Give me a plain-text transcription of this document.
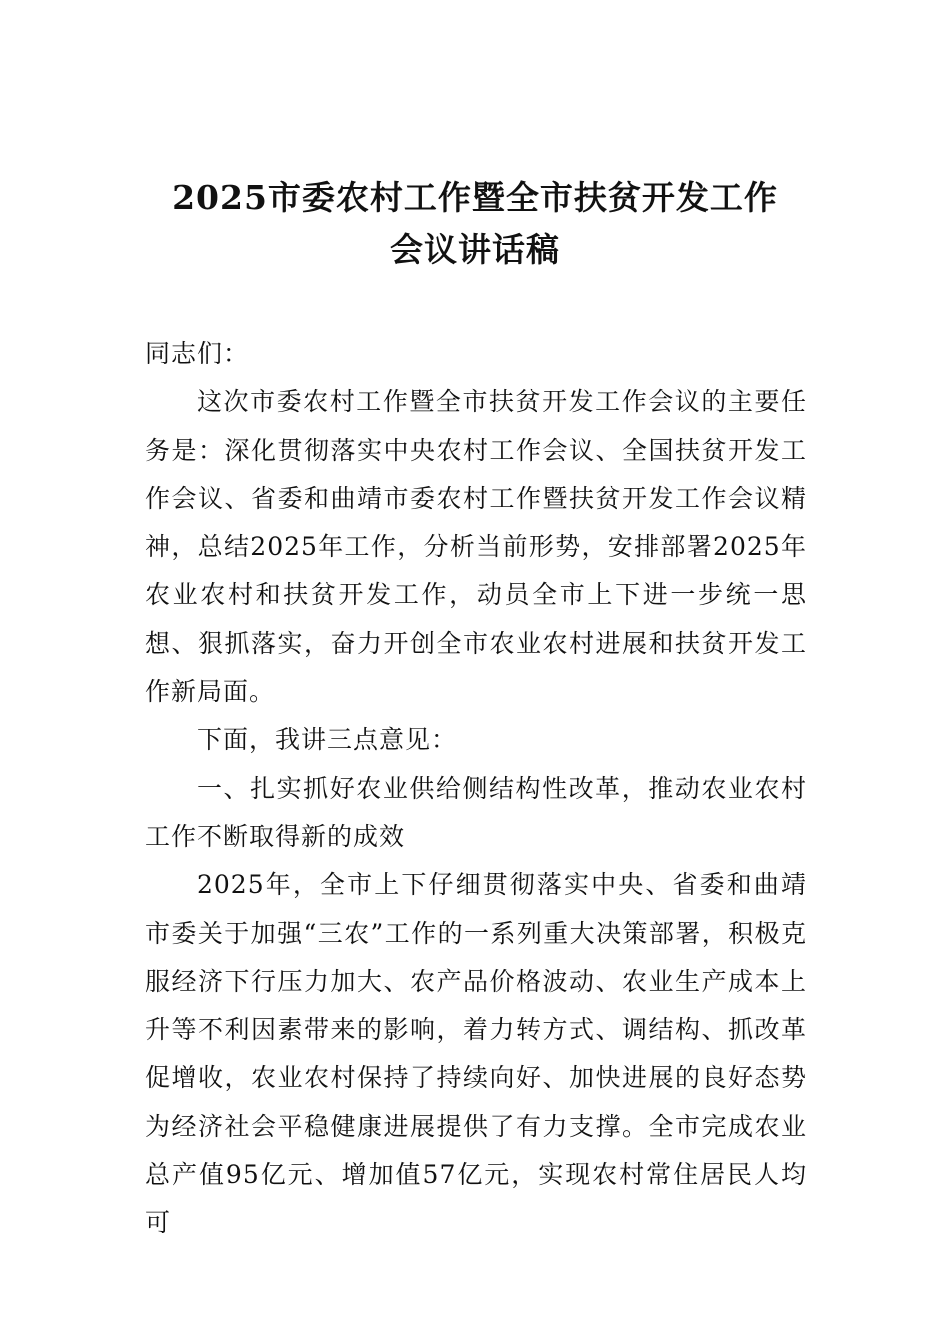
2025市委农村工作暨全市扶贫开发工作
会议讲话稿

同志们：

这次市委农村工作暨全市扶贫开发工作会议的主要任务是：深化贯彻落实中央农村工作会议、全国扶贫开发工作会议、省委和曲靖市委农村工作暨扶贫开发工作会议精神，总结2025年工作，分析当前形势，安排部署2025年农业农村和扶贫开发工作，动员全市上下进一步统一思想、狠抓落实，奋力开创全市农业农村进展和扶贫开发工作新局面。

下面，我讲三点意见：

一、扎实抓好农业供给侧结构性改革，推动农业农村工作不断取得新的成效

2025年，全市上下仔细贯彻落实中央、省委和曲靖市委关于加强“三农”工作的一系列重大决策部署，积极克服经济下行压力加大、农产品价格波动、农业生产成本上升等不利因素带来的影响，着力转方式、调结构、抓改革促增收，农业农村保持了持续向好、加快进展的良好态势为经济社会平稳健康进展提供了有力支撑。全市完成农业总产值95亿元、增加值57亿元，实现农村常住居民人均可
